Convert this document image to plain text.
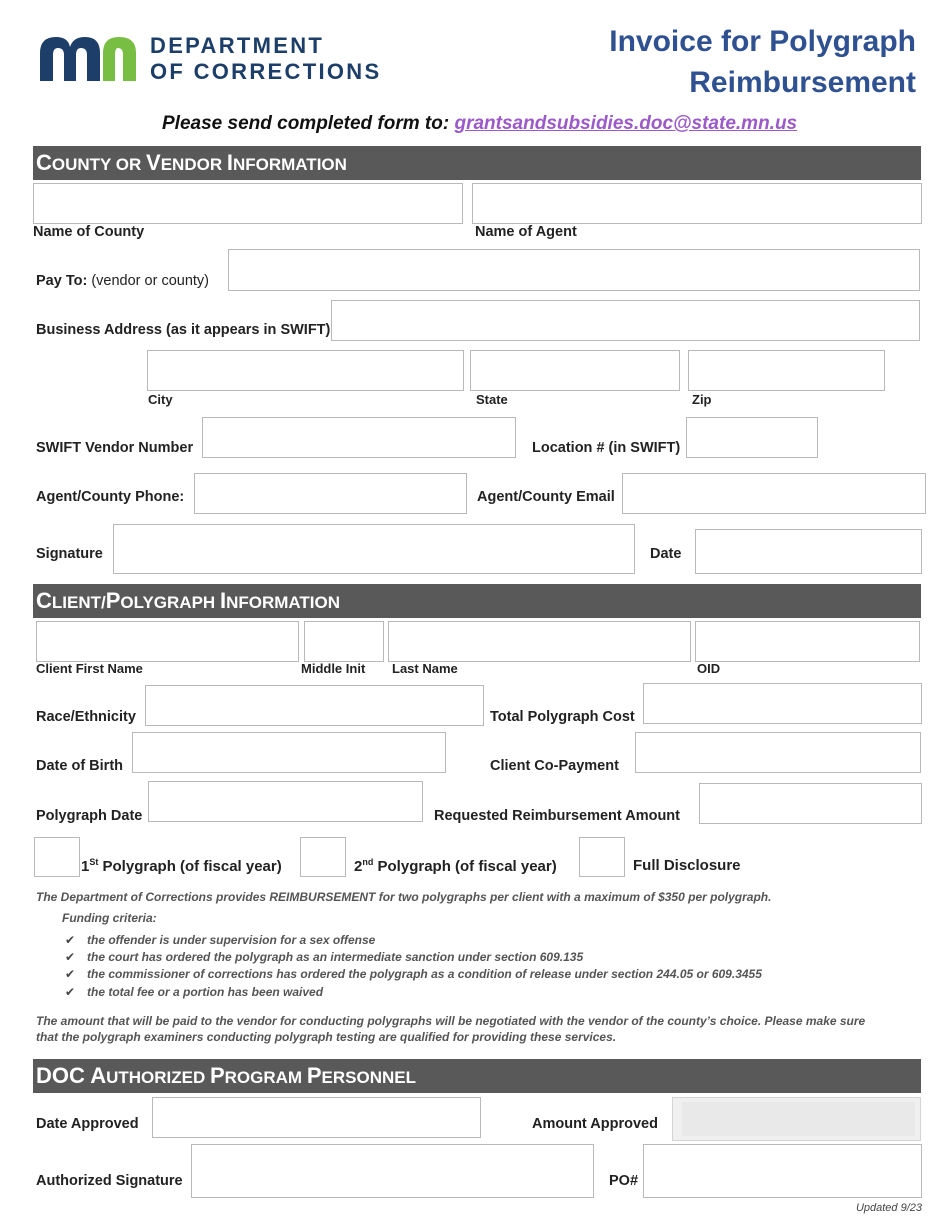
DEPARTMENT
OF CORRECTIONS
Invoice for Polygraph
Reimbursement
Please send completed form to: grantsandsubsidies.doc@state.mn.us
COUNTY OR VENDOR INFORMATION
Name of County	Name of Agent
Pay To: (vendor or county)
Business Address (as it appears in SWIFT)
City	State	Zip
SWIFT Vendor Number	Location # (in SWIFT)
Agent/County Phone:	Agent/County Email
Signature	Date
CLIENT/POLYGRAPH INFORMATION
Client First Name	Middle Init Last Name	OID
Race/Ethnicity	Total Polygraph Cost
Date of Birth	Client Co-Payment
Polygraph Date	Requested Reimbursement Amount
1St Polygraph (of fiscal year)	2nd Polygraph (of fiscal year)	Full Disclosure
The Department of Corrections provides REIMBURSEMENT for two polygraphs per client with a maximum of $350 per polygraph.
Funding criteria:
✔ the offender is under supervision for a sex offense
✔ the court has ordered the polygraph as an intermediate sanction under section 609.135
✔ the commissioner of corrections has ordered the polygraph as a condition of release under section 244.05 or 609.3455
✔ the total fee or a portion has been waived
The amount that will be paid to the vendor for conducting polygraphs will be negotiated with the vendor of the county’s choice. Please make sure
that the polygraph examiners conducting polygraph testing are qualified for providing these services.
DOC AUTHORIZED PROGRAM PERSONNEL
Date Approved	Amount Approved
Authorized Signature	PO#
Updated 9/23
